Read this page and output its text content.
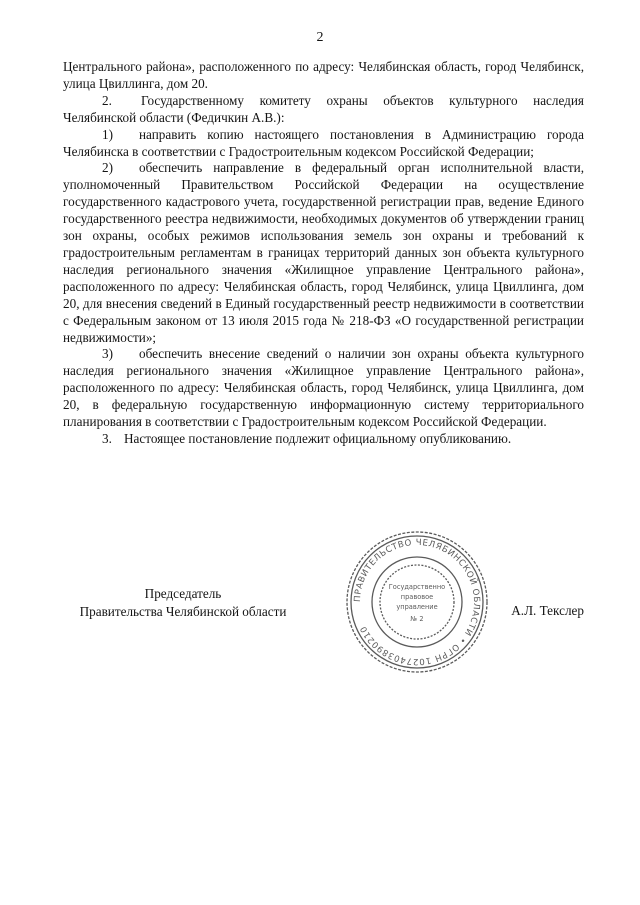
2

Центрального района», расположенного по адресу: Челябинская область, город Челябинск, улица Цвиллинга, дом 20.

2. Государственному комитету охраны объектов культурного наследия Челябинской области (Федичкин А.В.):

1) направить копию настоящего постановления в Администрацию города Челябинска в соответствии с Градостроительным кодексом Российской Федерации;

2) обеспечить направление в федеральный орган исполнительной власти, уполномоченный Правительством Российской Федерации на осуществление государственного кадастрового учета, государственной регистрации прав, ведение Единого государственного реестра недвижимости, необходимых документов об утверждении границ зон охраны, особых режимов использования земель зон охраны и требований к градостроительным регламентам в границах территорий данных зон объекта культурного наследия регионального значения «Жилищное управление Центрального района», расположенного по адресу: Челябинская область, город Челябинск, улица Цвиллинга, дом 20, для внесения сведений в Единый государственный реестр недвижимости в соответствии с Федеральным законом от 13 июля 2015 года № 218-ФЗ «О государственной регистрации недвижимости»;

3) обеспечить внесение сведений о наличии зон охраны объекта культурного наследия регионального значения «Жилищное управление Центрального района», расположенного по адресу: Челябинская область, город Челябинск, улица Цвиллинга, дом 20, в федеральную государственную информационную систему территориального планирования в соответствии с Градостроительным кодексом Российской Федерации.

3. Настоящее постановление подлежит официальному опубликованию.

Председатель
Правительства Челябинской области	А.Л. Текслер
ПРАВИТЕЛЬСТВО ЧЕЛЯБИНСКОЙ ОБЛАСТИ • ОГРН 1027403890210
Государственно
правовое
управление
№ 2
